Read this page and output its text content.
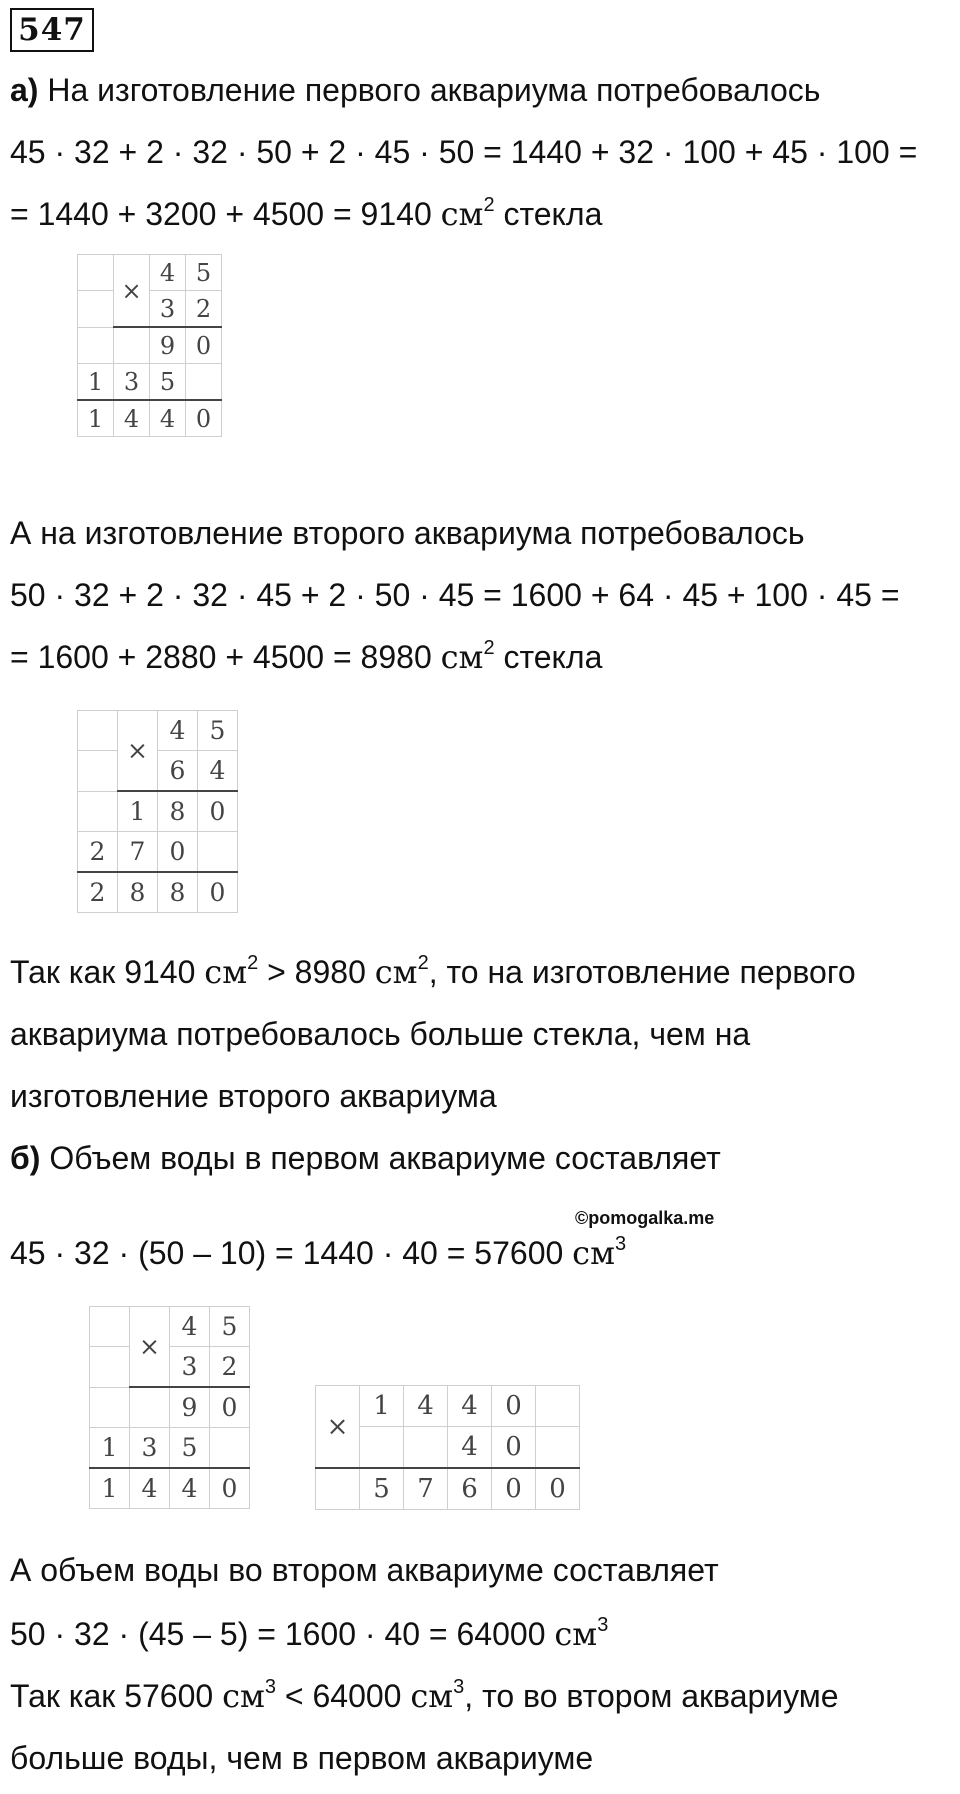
547
а) На изготовление первого аквариума потребовалось
45 · 32 + 2 · 32 · 50 + 2 · 45 · 50 = 1440 + 32 · 100 + 45 · 100 =
= 1440 + 3200 + 4500 = 9140 $см^2$ стекла
	×	4	5
		3	2
		9	0
1	3	5	
1	4	4	0
А на изготовление второго аквариума потребовалось
50 · 32 + 2 · 32 · 45 + 2 · 50 · 45 = 1600 + 64 · 45 + 100 · 45 =
= 1600 + 2880 + 4500 = 8980 $см^2$ стекла
	×	4	5
		6	4
	1	8	0
2	7	0	
2	8	8	0
Так как 9140 $см^2 > 8980$ $см^2$, то на изготовление первого
аквариума потребовалось больше стекла, чем на
изготовление второго аквариума
б) Объем воды в первом аквариуме составляет
©pomogalka.me
45 · 32 · (50 – 10) = 1440 · 40 = 57600 $см^3$
	×	4	5
		3	2
		9	0
1	3	5	
1	4	4	0
×	1	4	4	0	
			4	0	
	5	7	6	0	0
А объем воды во втором аквариуме составляет
50 · 32 · (45 – 5) = 1600 · 40 = 64000 $см^3$
Так как 57600 $см^3 < 64000$ $см^3$, то во втором аквариуме
больше воды, чем в первом аквариуме
